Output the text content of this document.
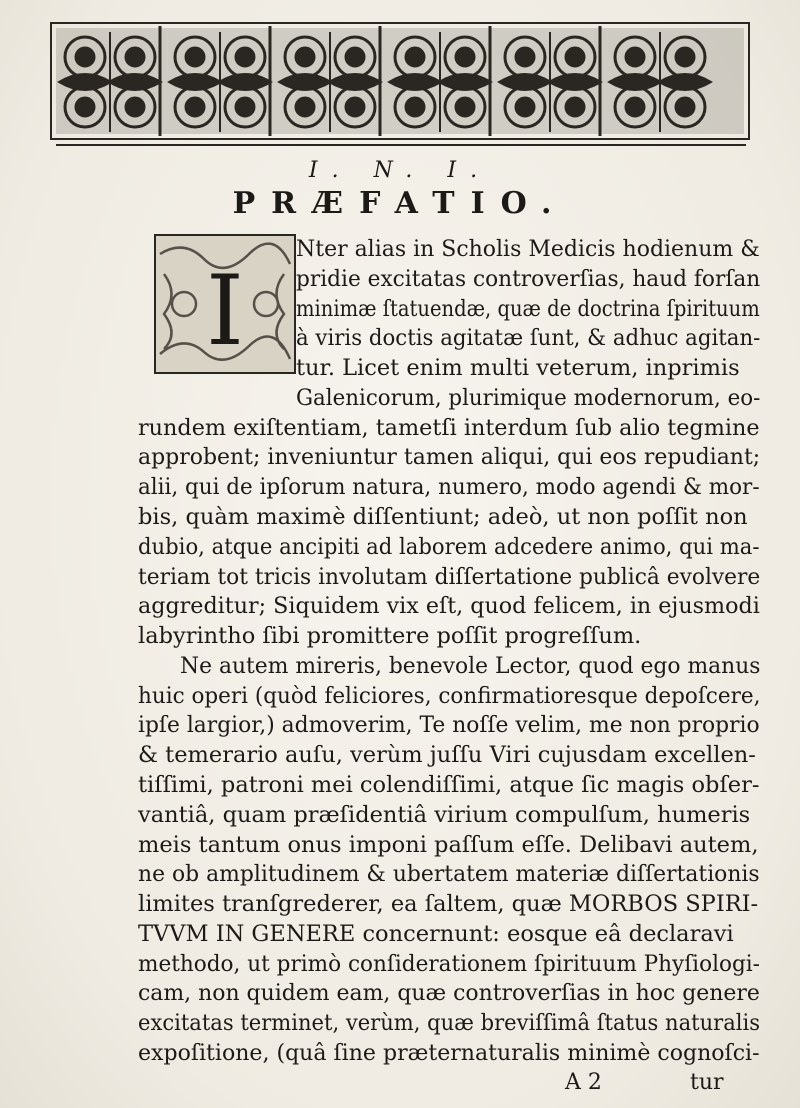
I. N. I.
PRÆFATIO.
I
Nter alias in Scholis Medicis hodienum &
pridie excitatas controverſias, haud forſan
minimæ ſtatuendæ, quæ de doctrina ſpirituum
à viris doctis agitatæ ſunt, & adhuc agitan-
tur. Licet enim multi veterum, inprimis
Galenicorum, plurimique modernorum, eo-
rundem exiſtentiam, tametſi interdum ſub alio tegmine
approbent; inveniuntur tamen aliqui, qui eos repudiant;
alii, qui de ipſorum natura, numero, modo agendi & mor-
bis, quàm maximè diſſentiunt; adeò, ut non poſſit non
dubio, atque ancipiti ad laborem adcedere animo, qui ma-
teriam tot tricis involutam diſſertatione publicâ evolvere
aggreditur; Siquidem vix eſt, quod felicem, in ejusmodi
labyrintho ſibi promittere poſſit progreſſum.
Ne autem mireris, benevole Lector, quod ego manus
huic operi (quòd feliciores, confirmatioresque depoſcere,
ipſe largior,) admoverim, Te noſſe velim, me non proprio
& temerario auſu, verùm juſſu Viri cujusdam excellen-
tiſſimi, patroni mei colendiſſimi, atque ſic magis obſer-
vantiâ, quam præſidentiâ virium compulſum, humeris
meis tantum onus imponi paſſum eſſe. Delibavi autem,
ne ob amplitudinem & ubertatem materiæ diſſertationis
limites tranſgrederer, ea ſaltem, quæ MORBOS SPIRI-
TVVM IN GENERE concernunt: eosque eâ declaravi
methodo, ut primò conſiderationem ſpirituum Phyſiologi-
cam, non quidem eam, quæ controverſias in hoc genere
excitatas terminet, verùm, quæ breviſſimâ ſtatus naturalis
expoſitione, (quâ ſine præternaturalis minimè cognoſci-
A 2	tur
